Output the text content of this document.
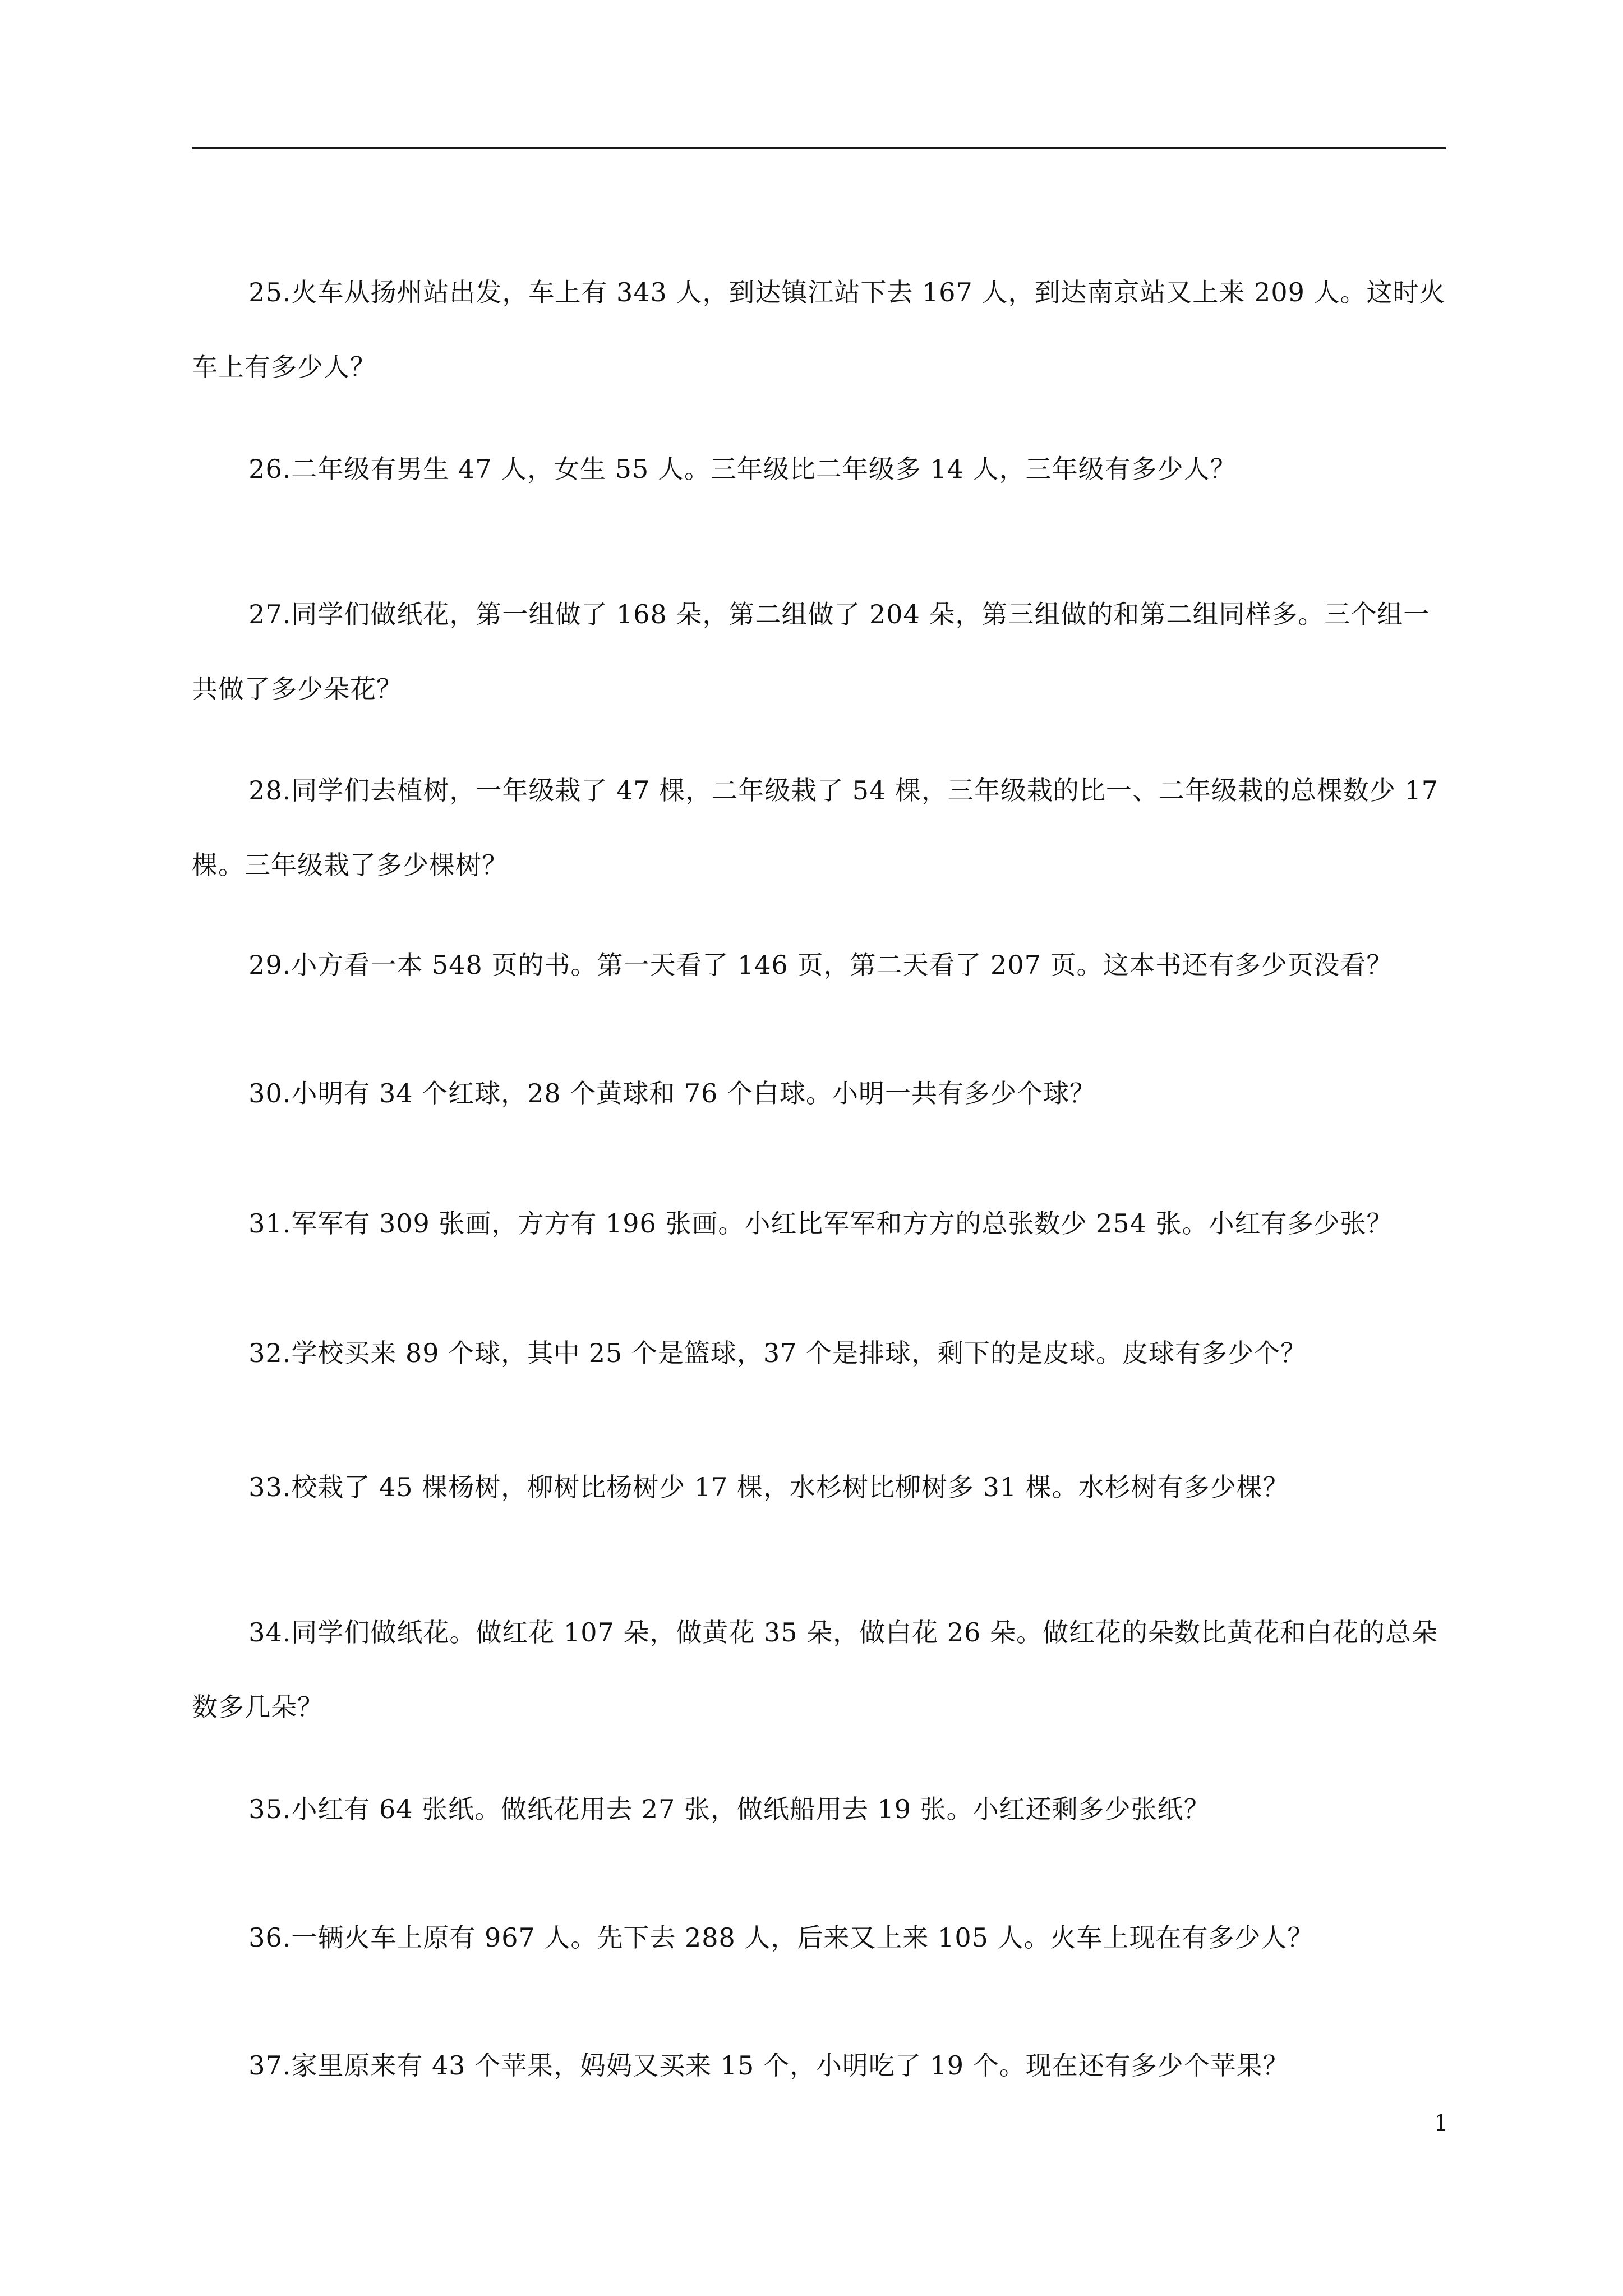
25.火车从扬州站出发，车上有 343 人，到达镇江站下去 167 人，到达南京站又上来 209 人。这时火车上有多少人？

26.二年级有男生 47 人，女生 55 人。三年级比二年级多 14 人，三年级有多少人？

27.同学们做纸花，第一组做了 168 朵，第二组做了 204 朵，第三组做的和第二组同样多。三个组一共做了多少朵花？

28.同学们去植树，一年级栽了 47 棵，二年级栽了 54 棵，三年级栽的比一、二年级栽的总棵数少 17 棵。三年级栽了多少棵树？

29.小方看一本 548 页的书。第一天看了 146 页，第二天看了 207 页。这本书还有多少页没看？

30.小明有 34 个红球，28 个黄球和 76 个白球。小明一共有多少个球？

31.军军有 309 张画，方方有 196 张画。小红比军军和方方的总张数少 254 张。小红有多少张？

32.学校买来 89 个球，其中 25 个是篮球，37 个是排球，剩下的是皮球。皮球有多少个？

33.校栽了 45 棵杨树，柳树比杨树少 17 棵，水杉树比柳树多 31 棵。水杉树有多少棵？

34.同学们做纸花。做红花 107 朵，做黄花 35 朵，做白花 26 朵。做红花的朵数比黄花和白花的总朵数多几朵？

35.小红有 64 张纸。做纸花用去 27 张，做纸船用去 19 张。小红还剩多少张纸？

36.一辆火车上原有 967 人。先下去 288 人，后来又上来 105 人。火车上现在有多少人？

37.家里原来有 43 个苹果，妈妈又买来 15 个，小明吃了 19 个。现在还有多少个苹果？

1
